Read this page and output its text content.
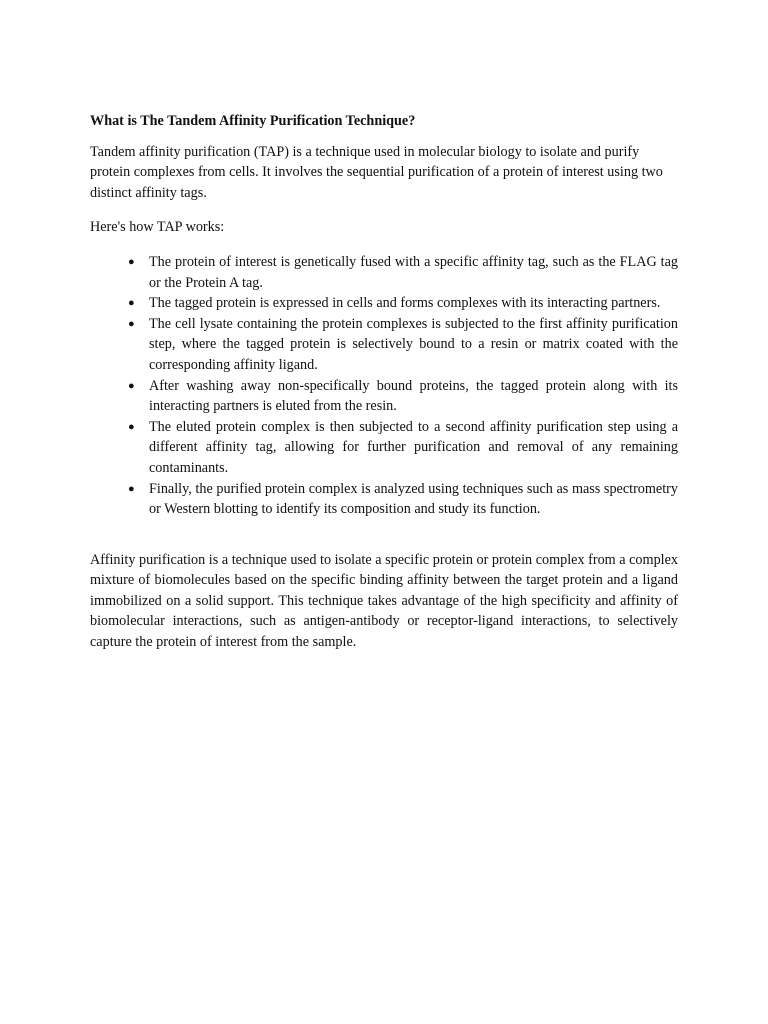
What is The Tandem Affinity Purification Technique?

Tandem affinity purification (TAP) is a technique used in molecular biology to isolate and purify protein complexes from cells. It involves the sequential purification of a protein of interest using two distinct affinity tags.

Here's how TAP works:

● The protein of interest is genetically fused with a specific affinity tag, such as the FLAG tag or the Protein A tag.
● The tagged protein is expressed in cells and forms complexes with its interacting partners.
● The cell lysate containing the protein complexes is subjected to the first affinity purification step, where the tagged protein is selectively bound to a resin or matrix coated with the corresponding affinity ligand.
● After washing away non-specifically bound proteins, the tagged protein along with its interacting partners is eluted from the resin.
● The eluted protein complex is then subjected to a second affinity purification step using a different affinity tag, allowing for further purification and removal of any remaining contaminants.
● Finally, the purified protein complex is analyzed using techniques such as mass spectrometry or Western blotting to identify its composition and study its function.

Affinity purification is a technique used to isolate a specific protein or protein complex from a complex mixture of biomolecules based on the specific binding affinity between the target protein and a ligand immobilized on a solid support. This technique takes advantage of the high specificity and affinity of biomolecular interactions, such as antigen-antibody or receptor-ligand interactions, to selectively capture the protein of interest from the sample.
